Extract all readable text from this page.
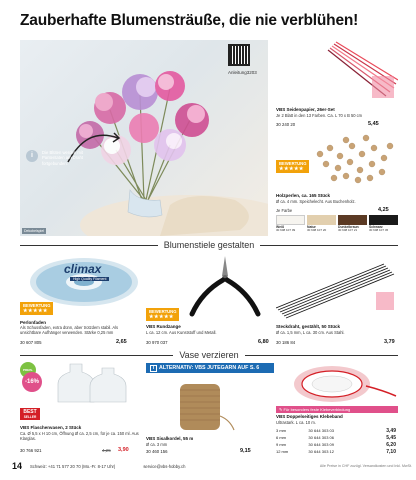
Zauberhafte Blumensträuße, die nie verblühen!
Anleitung3203
i	Die Blüten werden mit Pantentaten am Draht fortgebunden.
Dekobeispiel
VBS Seidenpapier, 26er-Set
Je 2 Blatt in den 13 Farben. Ca. L 70 x B 50 cm
30 240 20	5,45
BEWERTUNG
★★★★★
Holzperlen, ca. 165 Stück
Ø ca. 4 mm. Speichelecht. Aus Buchenholz.
Je Farbe	4,25
Weiß
30 608 107 09
Natur
30 608 107 20
Dunkelbraun
30 608 107 21
Schwarz
30 608 107 45
Blumenstiele gestalten
climax
High Quality Filament
BEWERTUNG
★★★★★
Perlonfaden
Als Schussfaden, extra dünn, aber trotzdem stabil. Als unsichtbare Aufhänger verwenden. Stärke 0,25 mm
30 607 805	2,65
BEWERTUNG
★★★★★
VBS Rundzange
L ca. 12 cm. Aus Kunststoff und Metall.
30 970 037	6,80
Steckdraht, gestählt, 50 Stück
Ø ca. 1,5 mm, L ca. 30 cm. Aus Stahl.
30 186 84	3,79
Vase verzieren
PREIS-
-16%
BEST
SELLER
VBS Flaschenvasen, 2 Stück
Ca. Ø 5,5 x H 10 cm, Öffnung Ø ca. 2,5 cm, für je ca. 150 ml. Aus Klarglas.
30 766 921	4,25 3,90
i ALTERNATIV: VBS JUTEGARN AUF S. 6
VBS Sisalkordel, 55 m
Ø ca. 3 mm
30 460 156	9,15
✎ Für besonders feste Klebeverbindung
VBS Doppelseitiges Klebeband
Ultrastark. L ca. 10 m.
3 mm	30 644 303 03	3,49
6 mm	30 644 303 06	5,45
9 mm	30 644 303 09	6,20
12 mm	30 644 303 12	7,10
14 Schweiz: +41 71 577 20 70 (Mo.-Fr. 8-17 Uhr)	service@vbs-hobby.ch	Alle Preise in CHF zuzügl. Versandkosten und Inkl. MwSt.
